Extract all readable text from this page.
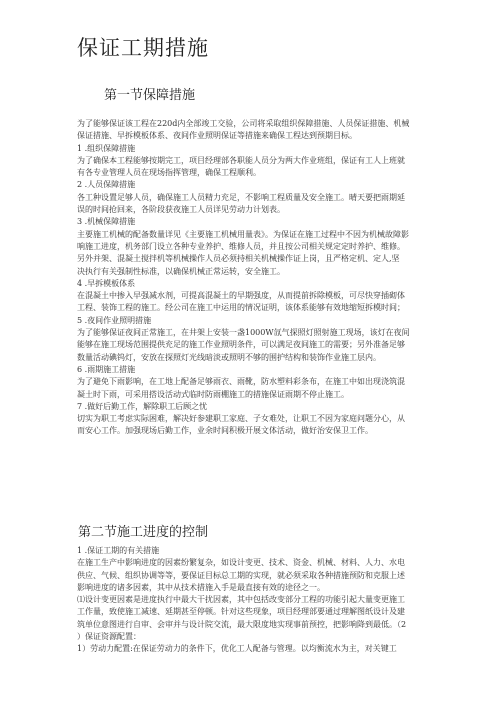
保证工期措施
第一节保障措施
为了能够保证该工程在220d内全部竣工交验，公司将采取组织保障措施、人员保证措施、机械
保证措施、早拆模板体系、夜间作业照明保证等措施来确保工程达到预期目标。
1 .组织保障措施
为了确保本工程能够按期完工，项目经理部各职能人员分为两大作业班组，保证有工人上班就
有各专业管理人员在现场指挥管理，确保工程顺利。
2 .人员保障措施
各工种设置足够人员，确保施工人员精力充足，不影响工程质量及安全施工。晴天要把雨期延
误的时间抢回来，各阶段获夜施工人员详见劳动力计划表。
3 .机械保障措施
主要施工机械的配备数量详见《主要施工机械用量表》。为保证在施工过程中不因为机械故障影
响施工进度，机务部门设立各种专业养护、维修人员，并且按公司相关规定定时养护、维修。
另外并架、混凝土搅拌机等机械操作人员必须持相关机械操作证上岗，且严格定机、定人,坚
决执行有关强制性标准，以确保机械正常运转，安全施工。
4 .早拆模板体系
在混凝土中掺入早强减水剂，可提高混凝土的早期强度，从而提前拆除模板，可尽快穿插砌体
工程、装饰工程的施工。经公司在施工中运用的情况证明，该体系能够有效地缩短拆模时间；
5 .夜间作业照明措施
为了能够保证夜间正常施工，在井架上安装一盏1000W氙气探照灯照射施工现场，该灯在夜间
能够在施工现场范围提供充足的施工作业照明条件，可以满足夜间施工的需要；另外准备足够
数量活动碘钨灯，安放在探照灯光线暗淡或照明不够的围护结构和装饰作业施工层内。
6 .雨期施工措施
为了避免下雨影响，在工地上配备足够雨衣、雨靴，防水塑料彩条布，在施工中如出现浇筑混
凝土时下雨，可采用搭设活动式临时防雨棚施工的措施保证雨期不停止施工。
7 .做好后勤工作，解除职工后顾之忧
切实为职工考虑实际困难，解决好参建职工家庭、子女难处，让职工不因为家庭问题分心，从
而安心工作。加强现场后勤工作，业余时间积极开展文体活动，做好治安保卫工作。
第二节施工进度的控制
1 .保证工期的有关措施
在施工生产中影响进度的因素纷繁复杂，如设计变更、技术、资金、机械、材料、人力、水电
供应、气候、组织协调等等，要保证目标总工期的实现，就必须采取各种措施预防和克服上述
影响进度的诸多因素，其中从技术措施入手是最直接有效的途径之一。
⑴设计变更因素是进度执行中最大干扰因素，其中包括改变部分工程的功能引起大量变更施工
工作量，致使施工减速、延期甚至停顿。针对这些现象，项目经理部要通过理解图纸设计及建
筑单位意图进行自审、会审并与设计院交流，最大限度地实现事前预控，把影响降到最低。（2
）保证资源配置：
1）劳动力配置:在保证劳动力的条件下，优化工人配备与管理。以均衡流水为主，对关键工
